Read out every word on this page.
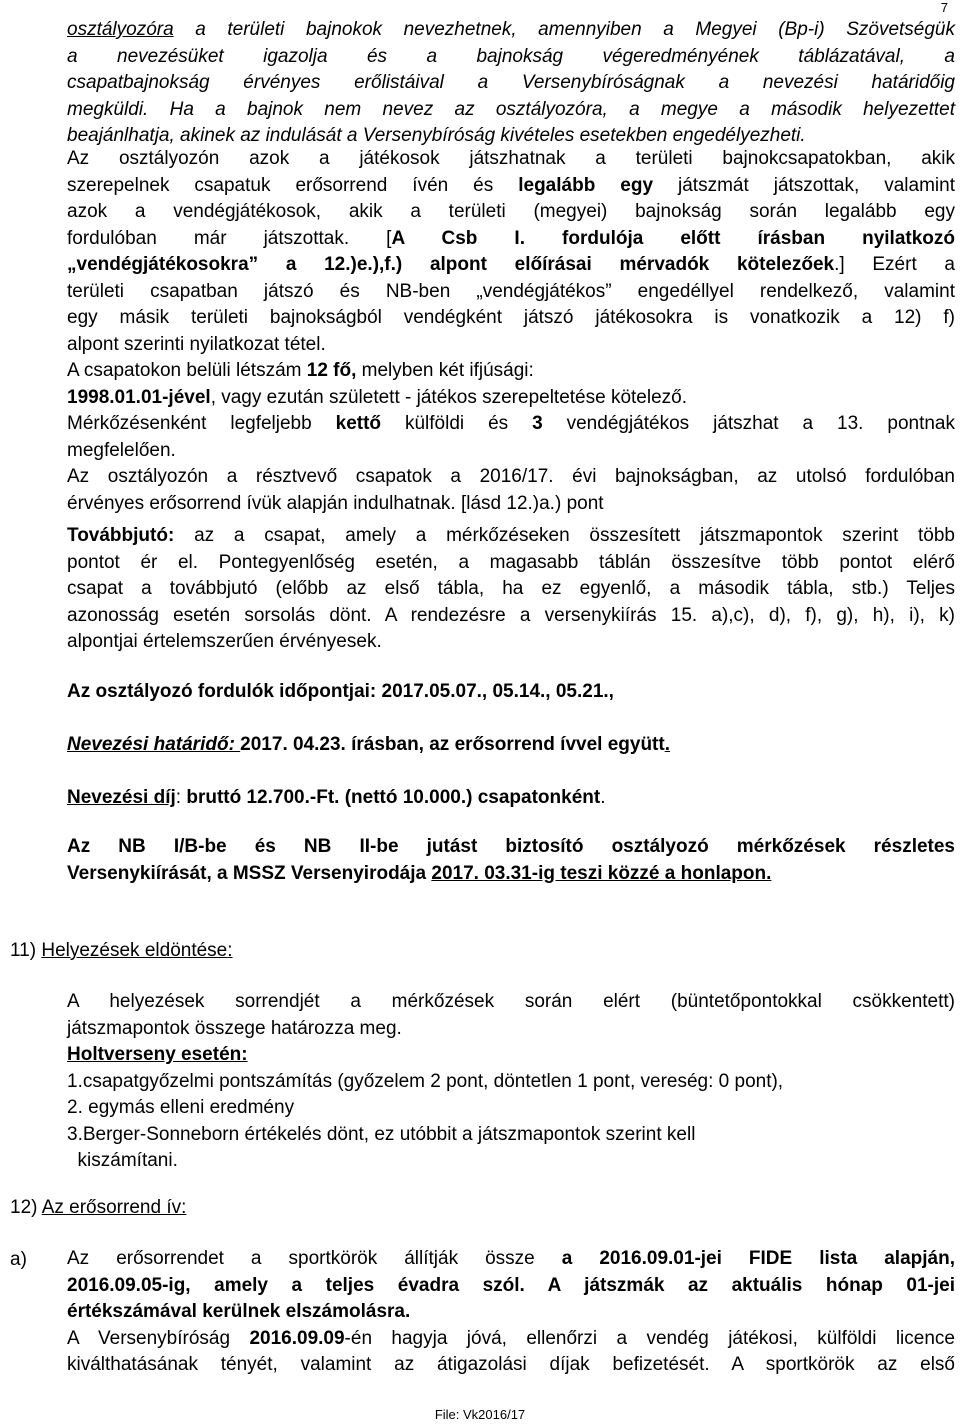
7
osztályozóra a területi bajnokok nevezhetnek, amennyiben a Megyei (Bp-i) Szövetségük
a nevezésüket igazolja és a bajnokság végeredményének táblázatával, a
csapatbajnokság érvényes erőlistáival a Versenybíróságnak a nevezési határidőig
megküldi. Ha a bajnok nem nevez az osztályozóra, a megye a második helyezettet
beajánlhatja, akinek az indulását a Versenybíróság kivételes esetekben engedélyezheti.
Az osztályozón azok a játékosok játszhatnak a területi bajnokcsapatokban, akik
szerepelnek csapatuk erősorrend ívén és legalább egy játszmát játszottak, valamint
azok a vendégjátékosok, akik a területi (megyei) bajnokság során legalább egy
fordulóban már játszottak. [A Csb I. fordulója előtt írásban nyilatkozó
„vendégjátékosokra” a 12.)e.),f.) alpont előírásai mérvadók kötelezőek.] Ezért a
területi csapatban játszó és NB-ben „vendégjátékos” engedéllyel rendelkező, valamint
egy másik területi bajnokságból vendégként játszó játékosokra is vonatkozik a 12) f)
alpont szerinti nyilatkozat tétel.
A csapatokon belüli létszám 12 fő, melyben két ifjúsági:
1998.01.01-jével, vagy ezután született - játékos szerepeltetése kötelező.
Mérkőzésenként legfeljebb kettő külföldi és 3 vendégjátékos játszhat a 13. pontnak
megfelelően.
Az osztályozón a résztvevő csapatok a 2016/17. évi bajnokságban, az utolsó fordulóban
érvényes erősorrend ívük alapján indulhatnak. [lásd 12.)a.) pont
Továbbjutó: az a csapat, amely a mérkőzéseken összesített játszmapontok szerint több
pontot ér el. Pontegyenlőség esetén, a magasabb táblán összesítve több pontot elérő
csapat a továbbjutó (előbb az első tábla, ha ez egyenlő, a második tábla, stb.) Teljes
azonosság esetén sorsolás dönt. A rendezésre a versenykiírás 15. a),c), d), f), g), h), i), k)
alpontjai értelemszerűen érvényesek.
Az osztályozó fordulók időpontjai: 2017.05.07., 05.14., 05.21.,
Nevezési határidő: 2017. 04.23. írásban, az erősorrend ívvel együtt.
Nevezési díj: bruttó 12.700.-Ft. (nettó 10.000.) csapatonként.
Az NB I/B-be és NB II-be jutást biztosító osztályozó mérkőzések részletes
Versenykiírását, a MSSZ Versenyirodája 2017. 03.31-ig teszi közzé a honlapon.
11) Helyezések eldöntése:
A helyezések sorrendjét a mérkőzések során elért (büntetőpontokkal csökkentett)
játszmapontok összege határozza meg.
Holtverseny esetén:
1.csapatgyőzelmi pontszámítás (győzelem 2 pont, döntetlen 1 pont, vereség: 0 pont),
2. egymás elleni eredmény
3.Berger-Sonneborn értékelés dönt, ez utóbbit a játszmapontok szerint kell
kiszámítani.
12) Az erősorrend ív:
a) Az erősorrendet a sportkörök állítják össze a 2016.09.01-jei FIDE lista alapján,
2016.09.05-ig, amely a teljes évadra szól. A játszmák az aktuális hónap 01-jei
értékszámával kerülnek elszámolásra.
A Versenybíróság 2016.09.09-én hagyja jóvá, ellenőrzi a vendég játékosi, külföldi licence
kiválthatásának tényét, valamint az átigazolási díjak befizetését. A sportkörök az első
File: Vk2016/17
